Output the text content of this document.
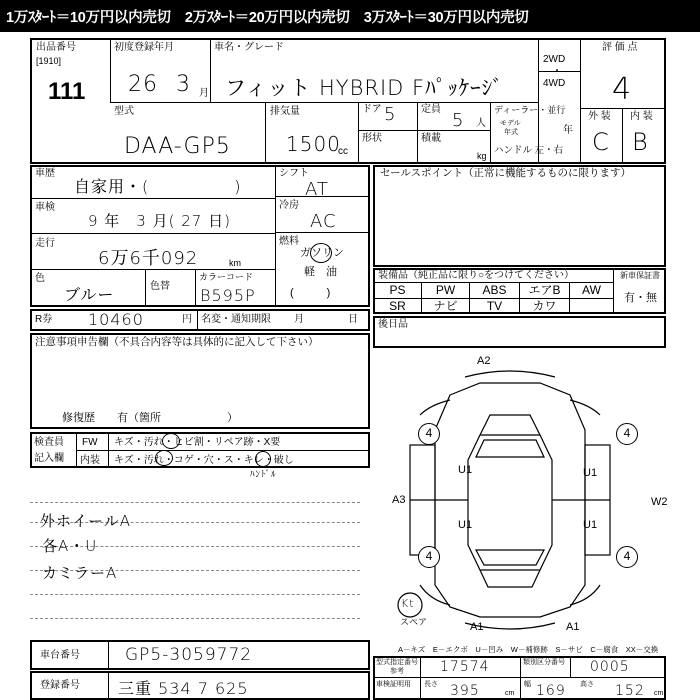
1万ｽﾀｰﾄ＝10万円以内売切　2万ｽﾀｰﾄ＝20万円以内売切　3万ｽﾀｰﾄ＝30万円以内売切
出品番号
[1910]
111
初度登録年月
26 3 月
車名・グレード
フィット HYBRID Fﾊﾟｯｹｰｼﾞ
2WD
・
4WD
評 価 点
4
外 装 内 装
C B
型式
DAA-GP5
排気量
1500
cc
ドア 5 定員
5 人
形状	積載
kg
ディーラー・並行
モデル
年式	年
ハンドル 左・右
車歴
自家用・(　　　　　)
車検
9 年　3 月( 27 日)
走行
6万6千092	km
色
ブルー	色替
カラーコード
B595P
シフト
AT
冷房
AC
燃料
ガソリン
軽　油
(　　　)
R券 10460	円 名変・通知期限 月	日
注意事項申告欄（不具合内容等は具体的に記入して下さい）
修復歴　　有（箇所　　　　　　）
検査員
記入欄
FW キズ・汚れ・ヒビ割・リペア跡・X要
内装 キズ・汚れ・コゲ・穴・ス・キレ・破し
ﾊﾝﾄﾞﾙ
外ホイールA
各A・U
カミラーA
セールスポイント（正常に機能するものに限ります）
装備品（純正品に限り○をつけてください）	新車保証書
有・無
PS	PW	ABS	エアB	AW
SR	ナビ	TV	カワ
後日品
A2
A3	W2
U1	U1
U1	U1
A1	A1
4	4
4	4
Kt
スペア
A－キズ　E－エクボ　U－凹み　W－補修跡　S－サビ　C－腐食　XX－交換
車台番号	GP5-3059772
登録番号 三重 534 7 625
型式指定番号
参考	17574	類別区分番号 0005
車検証明用 長さ 395	cm
幅 169 高さ 152 cm
